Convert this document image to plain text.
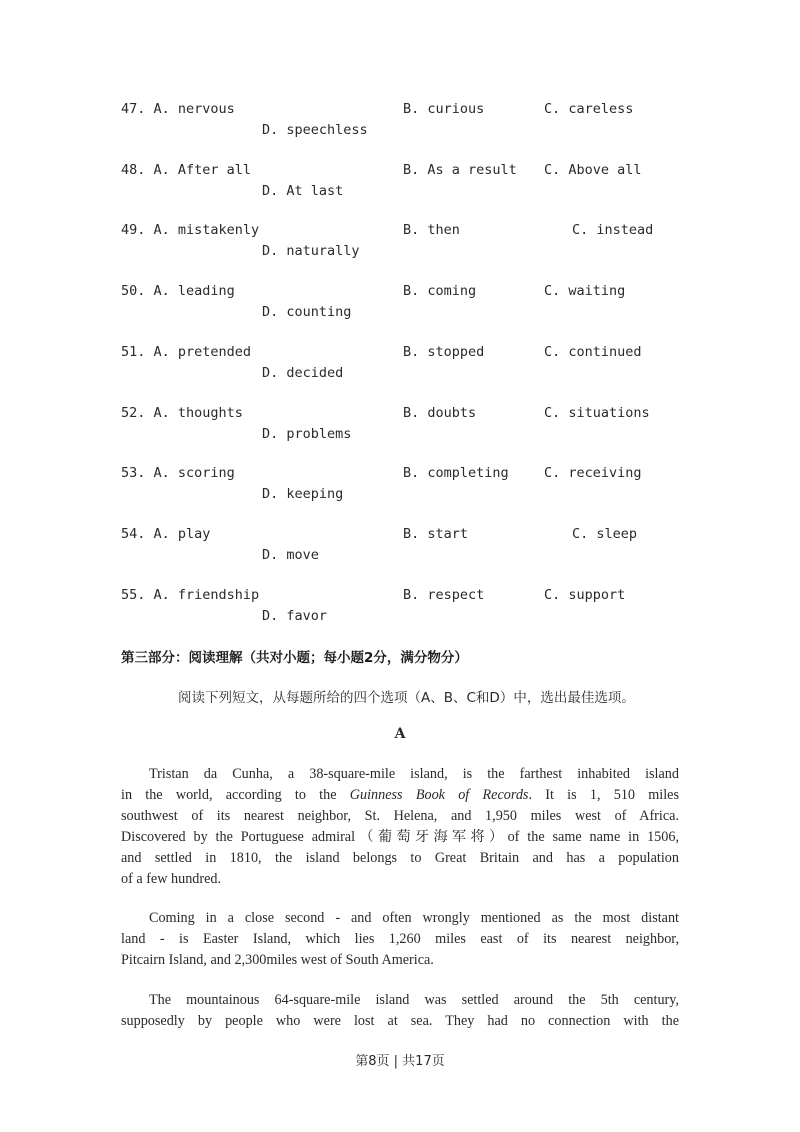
47. A. nervous	B. curious	C. careless
D. speechless
48. A. After all	B. As a result C. Above all
D. At last
49. A. mistakenly	B. then	C. instead
D. naturally
50. A. leading	B. coming	C. waiting
D. counting
51. A. pretended	B. stopped	C. continued
D. decided
52. A. thoughts	B. doubts	C. situations
D. problems
53. A. scoring	B. completing	C. receiving
D. keeping
54. A. play	B. start	C. sleep
D. move
55. A. friendship	B. respect	C. support
D. favor
第三部分：阅读理解（共对小题；每小题2分，满分物分）
阅读下列短文，从每题所给的四个选项（A、B、C和D）中，选出最佳选项。
A
Tristan da Cunha, a 38-square-mile island, is the farthest inhabited island
in the world, according to the Guinness Book of Records. It is 1, 510 miles
southwest of its nearest neighbor, St. Helena, and 1,950 miles west of Africa.
Discovered by the Portuguese admiral（葡萄牙海军将）of the same name in 1506,
and settled in 1810, the island belongs to Great Britain and has a population
of a few hundred.
Coming in a close second - and often wrongly mentioned as the most distant
land - is Easter Island, which lies 1,260 miles east of its nearest neighbor,
Pitcairn Island, and 2,300miles west of South America.
The mountainous 64-square-mile island was settled around the 5th century,
supposedly by people who were lost at sea. They had no connection with the
第8页 | 共17页
